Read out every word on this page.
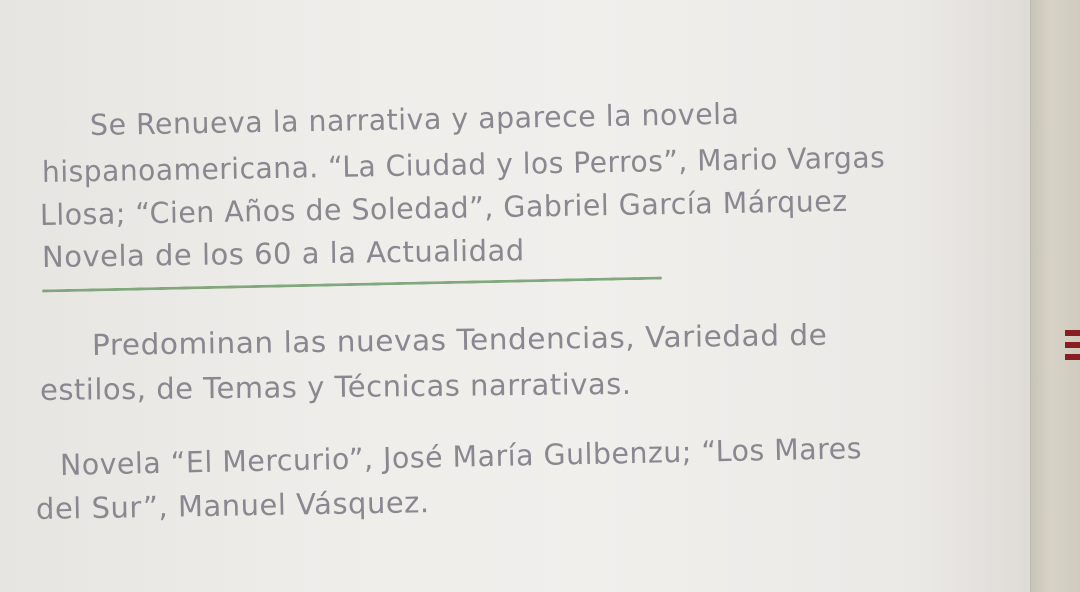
Se Renueva la narrativa y aparece la novela
hispanoamericana. “La Ciudad y los Perros”, Mario Vargas
Llosa; “Cien Años de Soledad”, Gabriel García Márquez
Novela de los 60 a la Actualidad
Predominan las nuevas Tendencias, Variedad de
estilos, de Temas y Técnicas narrativas.
Novela “El Mercurio”, José María Gulbenzu; “Los Mares
del Sur”, Manuel Vásquez.
